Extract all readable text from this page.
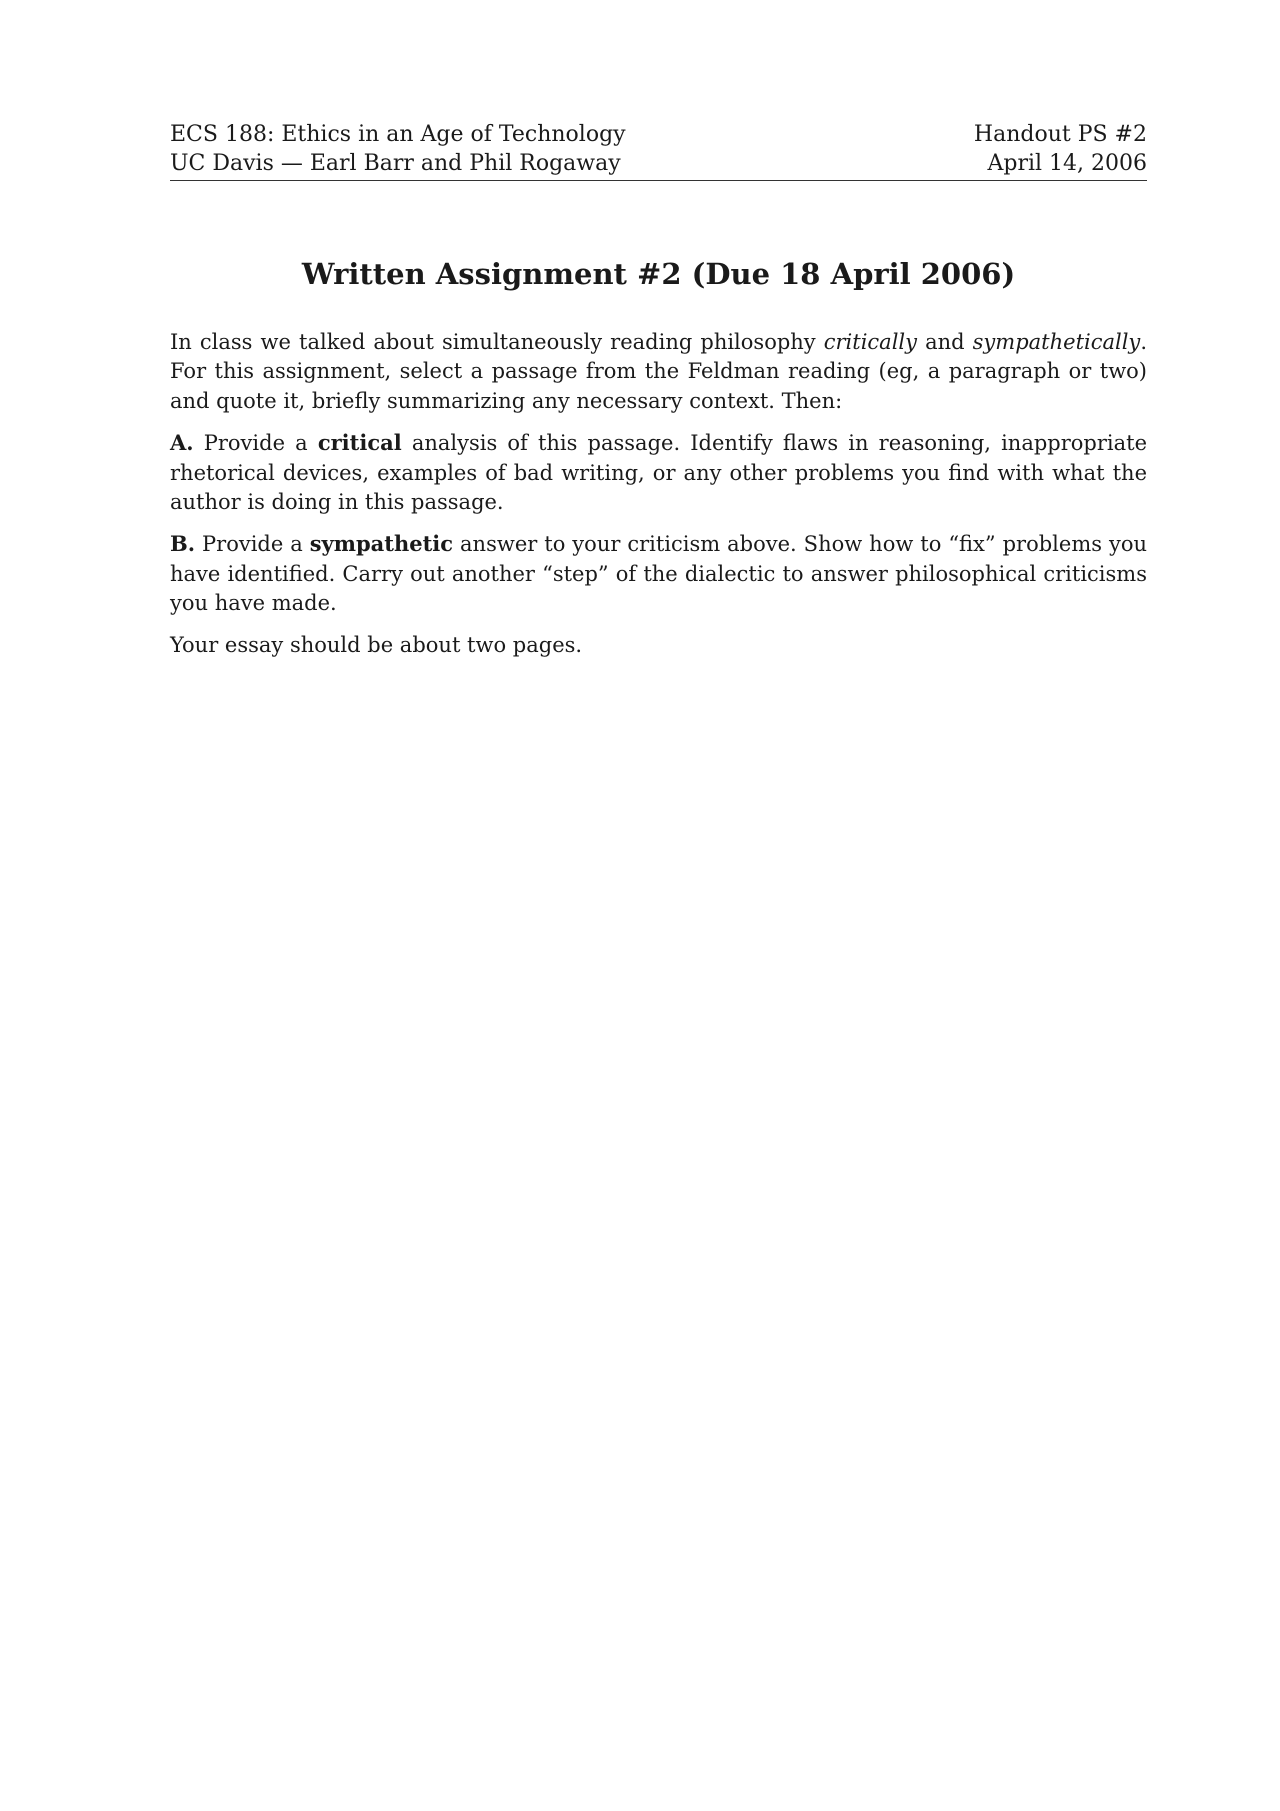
ECS 188: Ethics in an Age of Technology	Handout PS #2
UC Davis — Earl Barr and Phil Rogaway	April 14, 2006
Written Assignment #2 (Due 18 April 2006)

In class we talked about simultaneously reading philosophy critically and sympathetically. For this assignment, select a passage from the Feldman reading (eg, a paragraph or two) and quote it, briefly summarizing any necessary context. Then:

A. Provide a critical analysis of this passage. Identify flaws in reasoning, inappropriate rhetorical devices, examples of bad writing, or any other problems you find with what the author is doing in this passage.

B. Provide a sympathetic answer to your criticism above. Show how to “fix” problems you have identified. Carry out another “step” of the dialectic to answer philosophical criticisms you have made.

Your essay should be about two pages.
